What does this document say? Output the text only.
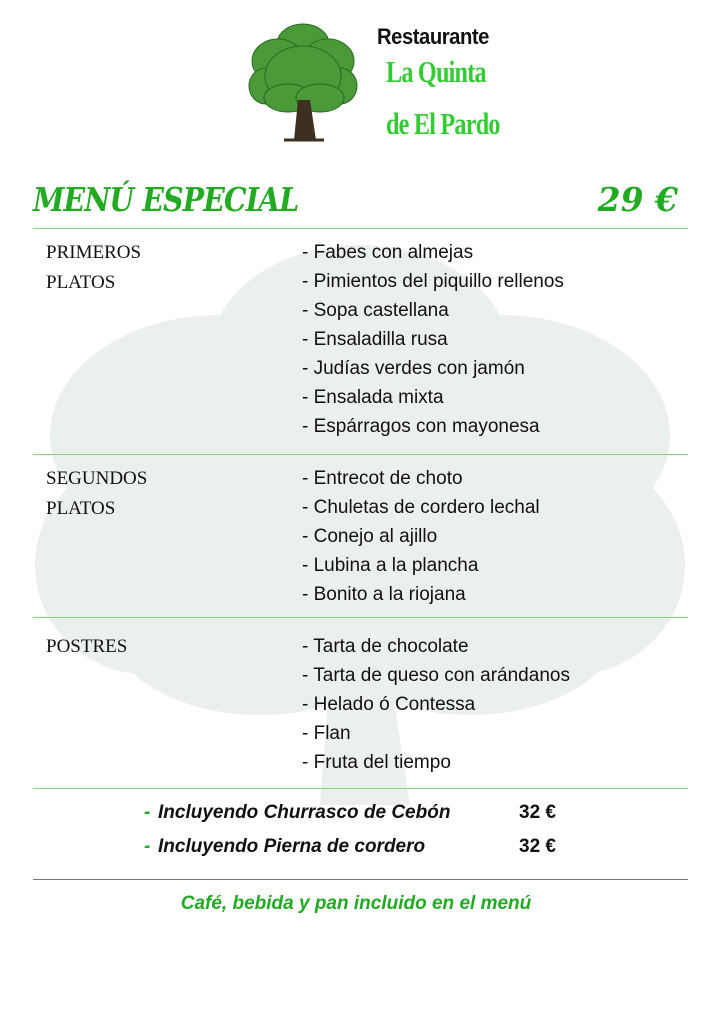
Restaurante
La Quinta
de El Pardo
MENÚ ESPECIAL	29 €
PRIMEROS
PLATOS
- Fabes con almejas
- Pimientos del piquillo rellenos
- Sopa castellana
- Ensaladilla rusa
- Judías verdes con jamón
- Ensalada mixta
- Espárragos con mayonesa
SEGUNDOS
PLATOS
- Entrecot de choto
- Chuletas de cordero lechal
- Conejo al ajillo
- Lubina a la plancha
- Bonito a la riojana
POSTRES	- Tarta de chocolate
- Tarta de queso con arándanos
- Helado ó Contessa
- Flan
- Fruta del tiempo
- Incluyendo Churrasco de Cebón	32 €
- Incluyendo Pierna de cordero	32 €
Café, bebida y pan incluido en el menú
